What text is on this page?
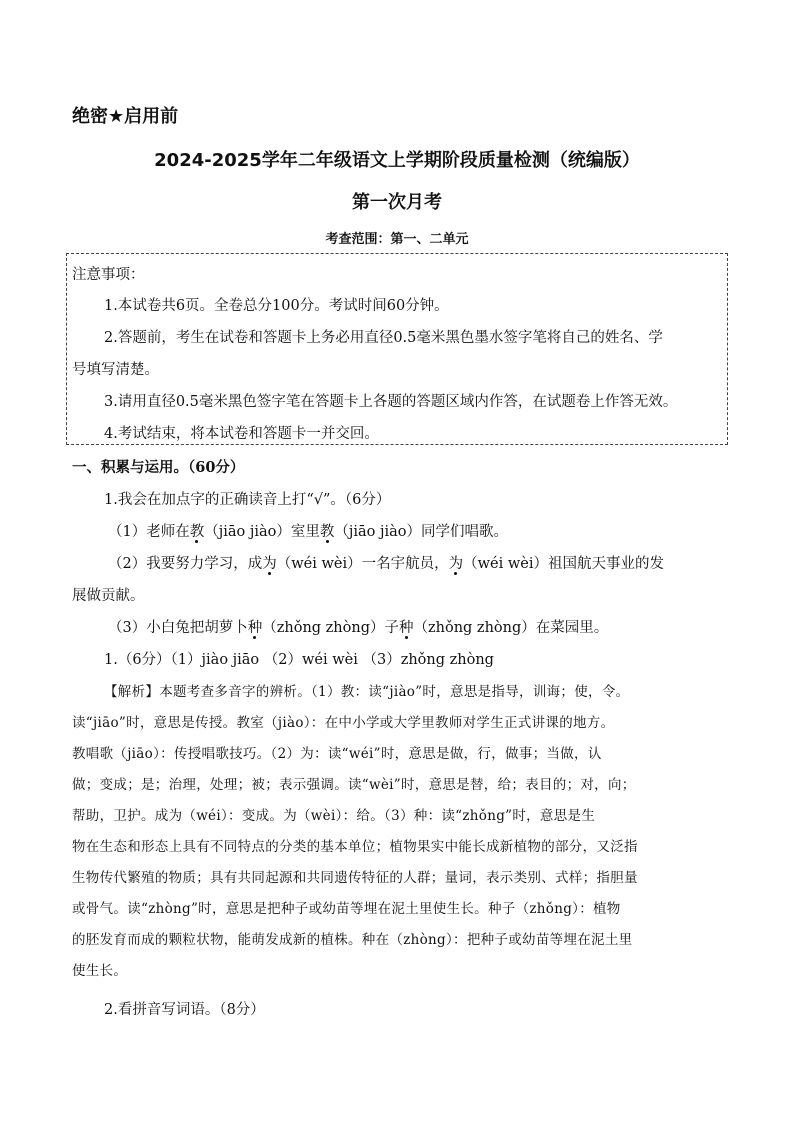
绝密★启用前
2024-2025学年二年级语文上学期阶段质量检测（统编版）
第一次月考
考查范围：第一、二单元
注意事项：
1.本试卷共6页。全卷总分100分。考试时间60分钟。
2.答题前，考生在试卷和答题卡上务必用直径0.5毫米黑色墨水签字笔将自己的姓名、学
号填写清楚。
3.请用直径0.5毫米黑色签字笔在答题卡上各题的答题区域内作答，在试题卷上作答无效。
4.考试结束，将本试卷和答题卡一并交回。
一、积累与运用。（60分）
1.我会在加点字的正确读音上打“√”。（6分）
（1）老师在教（jiāo jiào）室里教（jiāo jiào）同学们唱歌。
（2）我要努力学习，成为（wéi wèi）一名宇航员，为（wéi wèi）祖国航天事业的发
展做贡献。
（3）小白兔把胡萝卜种（zhǒng zhòng）子种（zhǒng zhòng）在菜园里。
1.（6分）（1）jiào jiāo （2）wéi wèi （3）zhǒng zhòng
【解析】本题考查多音字的辨析。（1）教：读“jiào”时，意思是指导，训诲；使，令。
读“jiāo”时，意思是传授。教室（jiào）：在中小学或大学里教师对学生正式讲课的地方。
教唱歌（jiāo）：传授唱歌技巧。（2）为：读“wéi”时，意思是做，行，做事；当做，认
做；变成；是；治理，处理；被；表示强调。读“wèi”时，意思是替，给；表目的；对，向；
帮助，卫护。成为（wéi）：变成。为（wèi）：给。（3）种：读“zhǒng”时，意思是生
物在生态和形态上具有不同特点的分类的基本单位；植物果实中能长成新植物的部分，又泛指
生物传代繁殖的物质；具有共同起源和共同遗传特征的人群；量词，表示类别、式样；指胆量
或骨气。读“zhòng”时，意思是把种子或幼苗等埋在泥土里使生长。种子（zhǒng）：植物
的胚发育而成的颗粒状物，能萌发成新的植株。种在（zhòng）：把种子或幼苗等埋在泥土里
使生长。
2.看拼音写词语。（8分）
